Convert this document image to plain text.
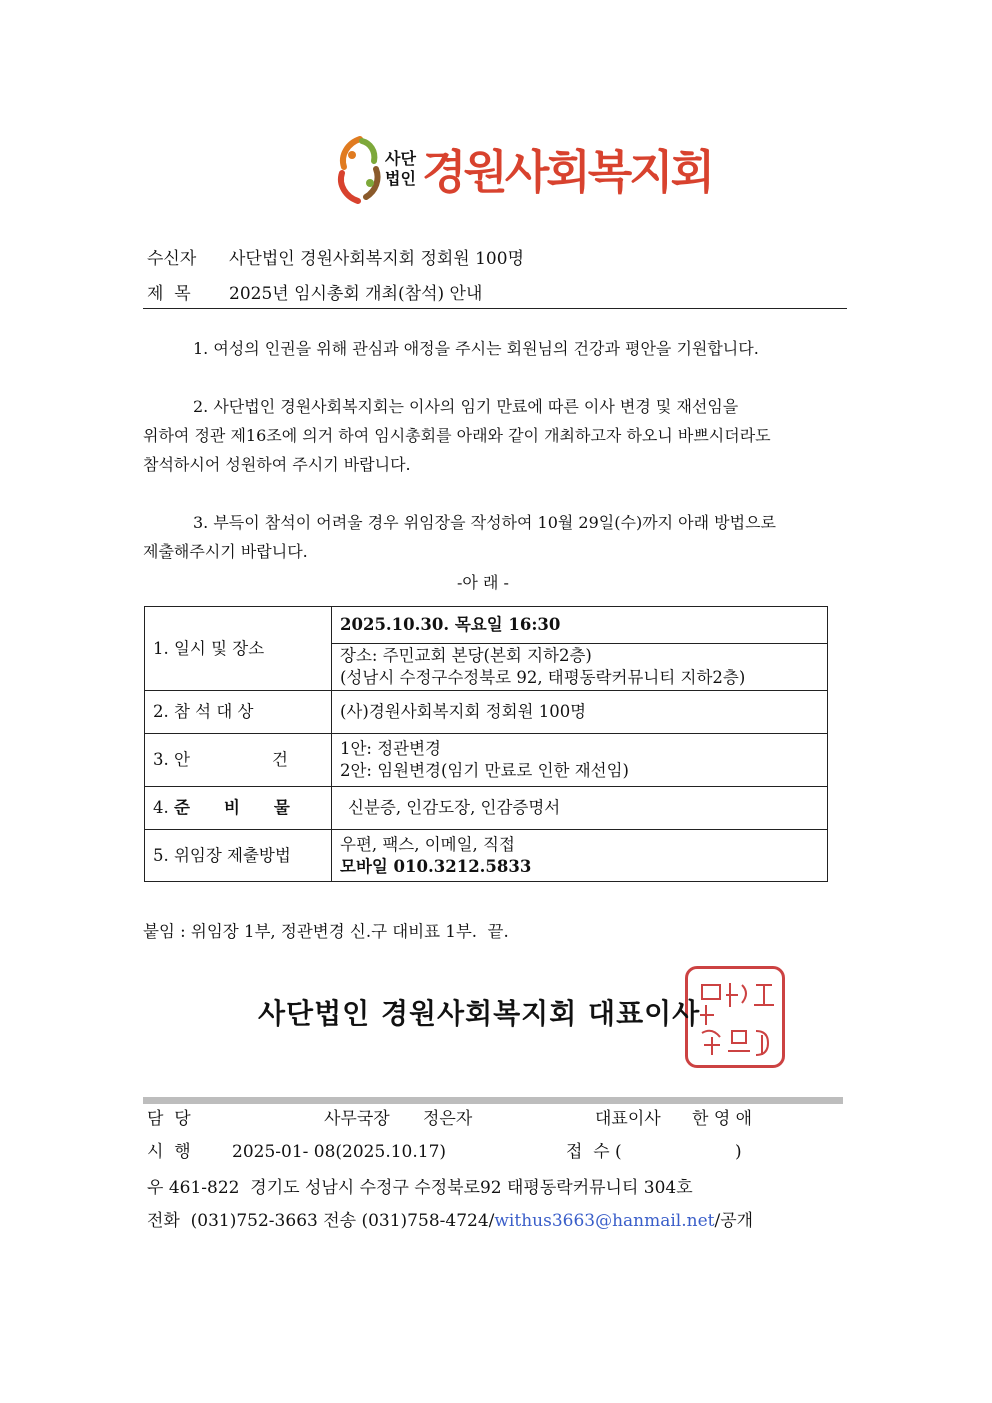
사단
법인 경원사회복지회
수신자 사단법인 경원사회복지회 정회원 100명
제  목 2025년 임시총회 개최(참석) 안내
1. 여성의 인권을 위해 관심과 애정을 주시는 회원님의 건강과 평안을 기원합니다.
2. 사단법인 경원사회복지회는 이사의 임기 만료에 따른 이사 변경 및 재선임을
위하여 정관 제16조에 의거 하여 임시총회를 아래와 같이 개최하고자 하오니 바쁘시더라도
참석하시어 성원하여 주시기 바랍니다.
3. 부득이 참석이 어려울 경우 위임장을 작성하여 10월 29일(수)까지 아래 방법으로
제출해주시기 바랍니다.
-아 래 -
1. 일시 및 장소	2025.10.30. 목요일 16:30

	장소: 주민교회 본당(본회 지하2층)
(성남시 수정구수정북로 92, 태평동락커뮤니티 지하2층)

2. 참 석 대 상	(사)경원사회복지회 정회원 100명
3. 안 건	1안: 정관변경
2안: 임원변경(임기 만료로 인한 재선임)

4. 준 비 물	신분증, 인감도장, 인감증명서
5. 위임장 제출방법	우편, 팩스, 이메일, 직접
모바일 010.3212.5833
붙임 : 위임장 1부, 정관변경 신.구 대비표 1부.  끝.
사단법인 경원사회복지회 대표이사
담  당	사무국장 정은자	대표이사 한 영 애
시  행 2025-01- 08(2025.10.17)	접  수 (	)
우 461-822  경기도 성남시 수정구 수정북로92 태평동락커뮤니티 304호
전화  (031)752-3663 전송 (031)758-4724/withus3663@hanmail.net/공개
